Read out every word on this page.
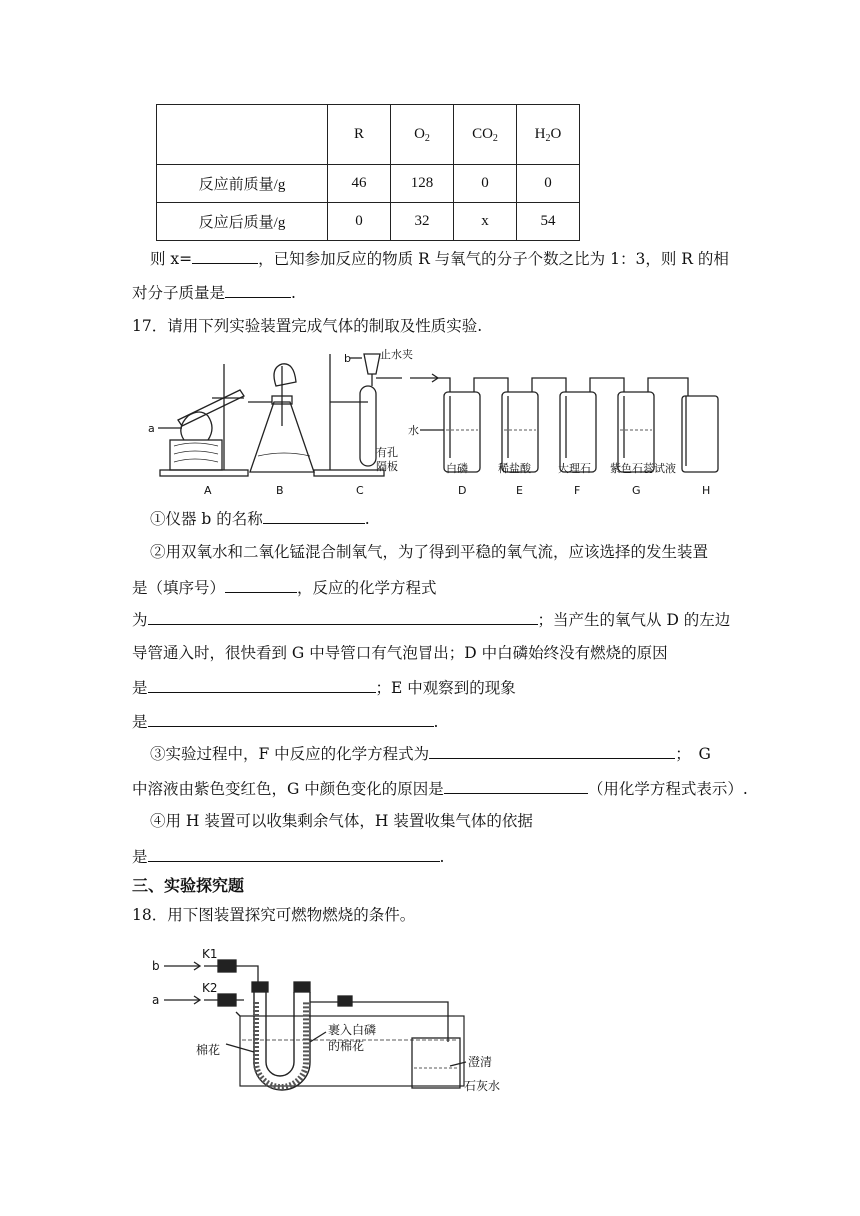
	R	$O_2$	$CO_2$	$H_2O$
反应前质量/g	46	128	0	0
反应后质量/g	0	32	x	54
则 x=	，已知参加反应的物质 R 与氧气的分子个数之比为 1：3，则 R 的相
对分子质量是	.
17．请用下列实验装置完成气体的制取及性质实验.
a
b	止水夹
有孔
隔板
水
白磷	稀盐酸 大理石 紫色石蕊试液
A	B	C	D	E	F	G	H
①仪器 b 的名称	.
②用双氧水和二氧化锰混合制氧气，为了得到平稳的氧气流，应该选择的发生装置
是（填序号）	，反应的化学方程式
为	；当产生的氧气从 D 的左边
导管通入时，很快看到 G 中导管口有气泡冒出；D 中白磷始终没有燃烧的原因
是	；E 中观察到的现象
是	.
③实验过程中，F 中反应的化学方程式为	；　G
中溶液由紫色变红色，G 中颜色变化的原因是	（用化学方程式表示）.
④用 H 装置可以收集剩余气体，H 装置收集气体的依据
是	.
三、实验探究题
18．用下图装置探究可燃物燃烧的条件。
b
a
K1
K2
棉花
裹入白磷
的棉花
澄清
石灰水
